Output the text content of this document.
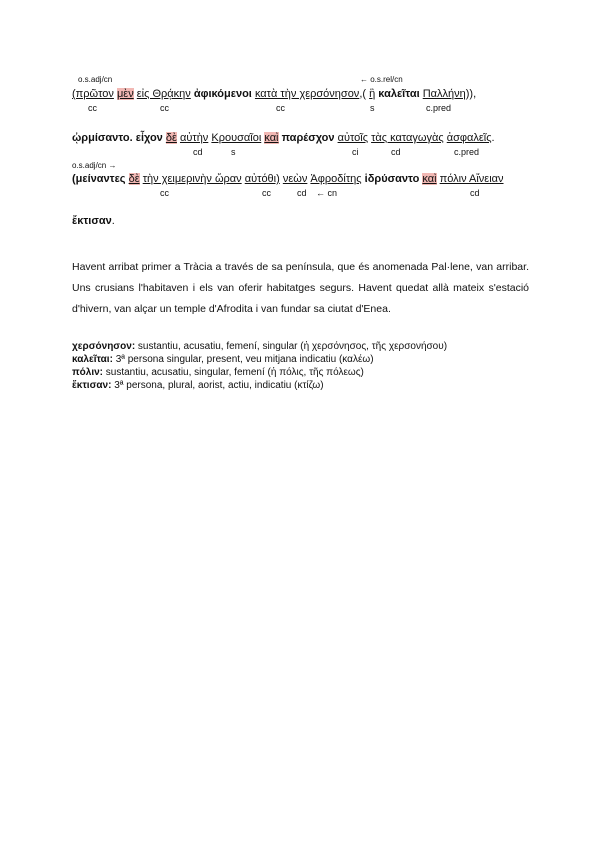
o.s.adj/cn	← o.s.rel/cn
(πρῶτον μὲν εἰς Θρᾴκην ἀφικόμενοι κατὰ τὴν χερσόνησον,( ἣ καλεῖται Παλλήνη)),
cc	cc	cc	s	c.pred
ᾠρμίσαντο. εἶχον δὲ αὐτὴν Κρουσαῖοι καὶ παρέσχον αὐτοῖς τὰς καταγωγὰς ἀσφαλεῖς.
cd	s	ci	cd	c.pred
o.s.adj/cn →
(μείναντες δὲ τὴν χειμερινὴν ὥραν αὐτόθι) νεὼν Ἀφροδίτης ἱδρύσαντο καὶ πόλιν Αἴνειαν
cc	cc	cd ← cn	cd
ἔκτισαν.
Havent arribat primer a Tràcia a través de sa península, que és anomenada Pal·lene, van arribar. Uns crusians l'habitaven i els van oferir habitatges segurs. Havent quedat allà mateix s'estació d'hivern, van alçar un temple d'Afrodita i van fundar sa ciutat d'Enea.
χερσόνησον: sustantiu, acusatiu, femení, singular (ἡ χερσόνησος, τῆς χερσονήσου)
καλεῖται: 3ª persona singular, present, veu mitjana indicatiu (καλέω)
πόλιν: sustantiu, acusatiu, singular, femení (ἡ πόλις, τῆς πόλεως)
ἔκτισαν: 3ª persona, plural, aorist, actiu, indicatiu (κτίζω)
